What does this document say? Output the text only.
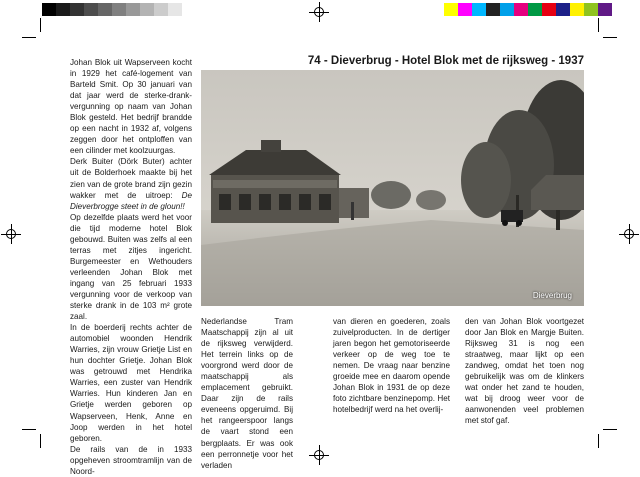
74 - Dieverbrug - Hotel Blok met de rijksweg - 1937

Johan Blok uit Wapserveen kocht in 1929 het café-logement van Barteld Smit. Op 30 januari van dat jaar werd de sterke-drank-vergunning op naam van Johan Blok gesteld. Het bedrijf brandde op een nacht in 1932 af, volgens zeggen door het ontploffen van een cilinder met koolzuurgas.

Derk Buiter (Dörk Buter) achter uit de Bolderhoek maakte bij het zien van de grote brand zijn gezin wakker met de uitroep: De Dieverbrogge steet in de gloun!!

Op dezelfde plaats werd het voor die tijd moderne hotel Blok gebouwd. Buiten was zelfs al een terras met zitjes ingericht. Burgemeester en Wethouders verleenden Johan Blok met ingang van 25 februari 1933 vergunning voor de verkoop van sterke drank in de 103 m² grote zaal.

In de boerderij rechts achter de automobiel woonden Hendrik Warries, zijn vrouw Grietje List en hun dochter Grietje. Johan Blok was getrouwd met Hendrika Warries, een zuster van Hendrik Warries. Hun kinderen Jan en Grietje werden geboren op Wapserveen, Henk, Anne en Joop werden in het hotel geboren.

De rails van de in 1933 opgeheven stroomtramlijn van de Noord-

Dieverbrug

Nederlandse Tram Maatschappij zijn al uit de rijksweg verwijderd. Het terrein links op de voorgrond werd door de maatschappij als emplacement gebruikt. Daar zijn de rails eveneens opgeruimd. Bij het rangeerspoor langs de vaart stond een bergplaats. Er was ook een perronnetje voor het verladen

van dieren en goederen, zoals zuivelproducten. In de dertiger jaren begon het gemotoriseerde verkeer op de weg toe te nemen. De vraag naar benzine groeide mee en daarom opende Johan Blok in 1931 de op deze foto zichtbare benzinepomp. Het hotelbedrijf werd na het overlij-

den van Johan Blok voortgezet door Jan Blok en Margje Buiten. Rijksweg 31 is nog een straatweg, maar lijkt op een zandweg, omdat het toen nog gebruikelijk was om de klinkers wat onder het zand te houden, wat bij droog weer voor de aanwonenden veel problemen met stof gaf.
